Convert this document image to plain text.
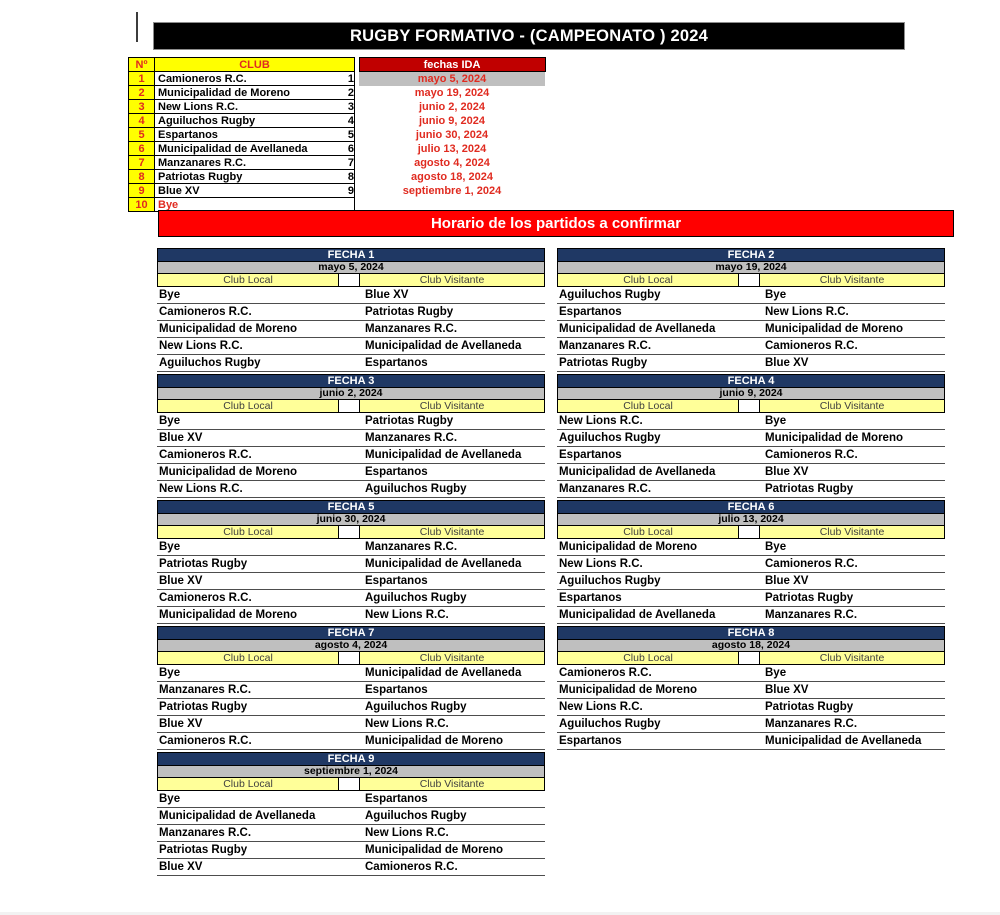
RUGBY FORMATIVO - (CAMPEONATO ) 2024
Nº	CLUB
1	Camioneros R.C.
2	Municipalidad de Moreno
3	New Lions R.C.
4	Aguiluchos Rugby
5	Espartanos
6	Municipalidad de Avellaneda
7	Manzanares R.C.
8	Patriotas Rugby
9	Blue XV
10	Bye
	fechas IDA
1	mayo 5, 2024
2	mayo 19, 2024
3	junio 2, 2024
4	junio 9, 2024
5	junio 30, 2024
6	julio 13, 2024
7	agosto 4, 2024
8	agosto 18, 2024
9	septiembre 1, 2024
Horario de los partidos a confirmar
FECHA 1
mayo 5, 2024
Club Local	Club Visitante
Bye	Blue XV
Camioneros R.C.	Patriotas Rugby
Municipalidad de Moreno	Manzanares R.C.
New Lions R.C.	Municipalidad de Avellaneda
Aguiluchos Rugby	Espartanos
FECHA 2
mayo 19, 2024
Club Local	Club Visitante
Aguiluchos Rugby	Bye
Espartanos	New Lions R.C.
Municipalidad de Avellaneda	Municipalidad de Moreno
Manzanares R.C.	Camioneros R.C.
Patriotas Rugby	Blue XV
FECHA 3
junio 2, 2024
Club Local	Club Visitante
Bye	Patriotas Rugby
Blue XV	Manzanares R.C.
Camioneros R.C.	Municipalidad de Avellaneda
Municipalidad de Moreno	Espartanos
New Lions R.C.	Aguiluchos Rugby
FECHA 4
junio 9, 2024
Club Local	Club Visitante
New Lions R.C.	Bye
Aguiluchos Rugby	Municipalidad de Moreno
Espartanos	Camioneros R.C.
Municipalidad de Avellaneda	Blue XV
Manzanares R.C.	Patriotas Rugby
FECHA 5
junio 30, 2024
Club Local	Club Visitante
Bye	Manzanares R.C.
Patriotas Rugby	Municipalidad de Avellaneda
Blue XV	Espartanos
Camioneros R.C.	Aguiluchos Rugby
Municipalidad de Moreno	New Lions R.C.
FECHA 6
julio 13, 2024
Club Local	Club Visitante
Municipalidad de Moreno	Bye
New Lions R.C.	Camioneros R.C.
Aguiluchos Rugby	Blue XV
Espartanos	Patriotas Rugby
Municipalidad de Avellaneda	Manzanares R.C.
FECHA 7
agosto 4, 2024
Club Local	Club Visitante
Bye	Municipalidad de Avellaneda
Manzanares R.C.	Espartanos
Patriotas Rugby	Aguiluchos Rugby
Blue XV	New Lions R.C.
Camioneros R.C.	Municipalidad de Moreno
FECHA 8
agosto 18, 2024
Club Local	Club Visitante
Camioneros R.C.	Bye
Municipalidad de Moreno	Blue XV
New Lions R.C.	Patriotas Rugby
Aguiluchos Rugby	Manzanares R.C.
Espartanos	Municipalidad de Avellaneda
FECHA 9
septiembre 1, 2024
Club Local	Club Visitante
Bye	Espartanos
Municipalidad de Avellaneda	Aguiluchos Rugby
Manzanares R.C.	New Lions R.C.
Patriotas Rugby	Municipalidad de Moreno
Blue XV	Camioneros R.C.
